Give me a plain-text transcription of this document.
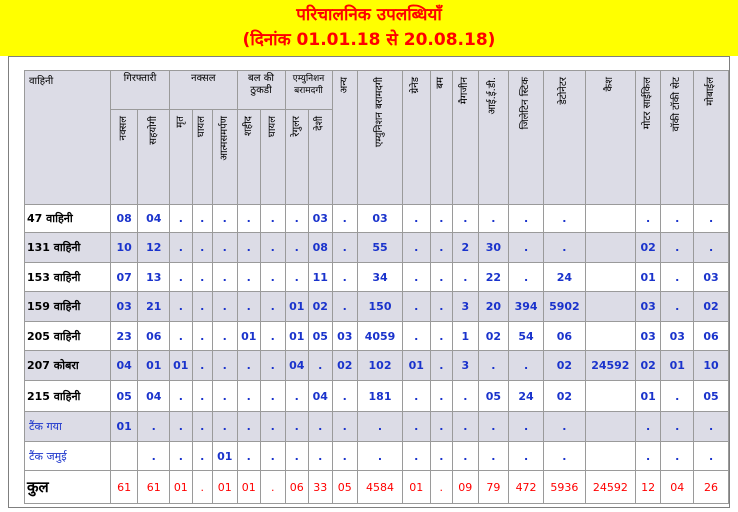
परिचालनिक उपलब्धियाँ
(दिनांक 01.01.18 से 20.08.18)
वाहिनी	गिरफ्तारी		नक्सल			बल की ठुकडी		एम्युनिशन बरामदगी		अन्य	एम्युनिशन बरामदगी	ग्रेनेड	बम	मैगजीन	आई.ई.डी.	जिलेटिन स्टिक	डेटोनेटर	कैश	मोटर साईकिल	वॉकी टॉकी सेट	मोबाईल

	नक्सल	सहयोगी	मृत	घायल	आत्मसमर्पण	शहीद	घायल	रेगुलर	देशी												

47 वाहिनी	08	04	.	.	.	.	.	.	03	.	03	.	.	.	.	.	.		.	.	.
131 वाहिनी	10	12	.	.	.	.	.	.	08	.	55	.	.	2	30	.	.		02	.	.
153 वाहिनी	07	13	.	.	.	.	.	.	11	.	34	.	.	.	22	.	24		01	.	03
159 वाहिनी	03	21	.	.	.	.	.	01	02	.	150	.	.	3	20	394	5902		03	.	02
205 वाहिनी	23	06	.	.	.	01	.	01	05	03	4059	.	.	1	02	54	06		03	03	06
207 कोबरा	04	01	01	.	.	.	.	04	.	02	102	01	.	3	.	.	02	24592	02	01	10
215 वाहिनी	05	04	.	.	.	.	.	.	04	.	181	.	.	.	05	24	02		01	.	05
टैंक गया	01	.	.	.	.	.	.	.	.	.	.	.	.	.	.	.	.		.	.	.
टैंक जमुई		.	.	.	01	.	.	.	.	.	.	.	.	.	.	.	.		.	.	.
कुल	61	61	01	.	01	01	.	06	33	05	4584	01	.	09	79	472	5936	24592	12	04	26
